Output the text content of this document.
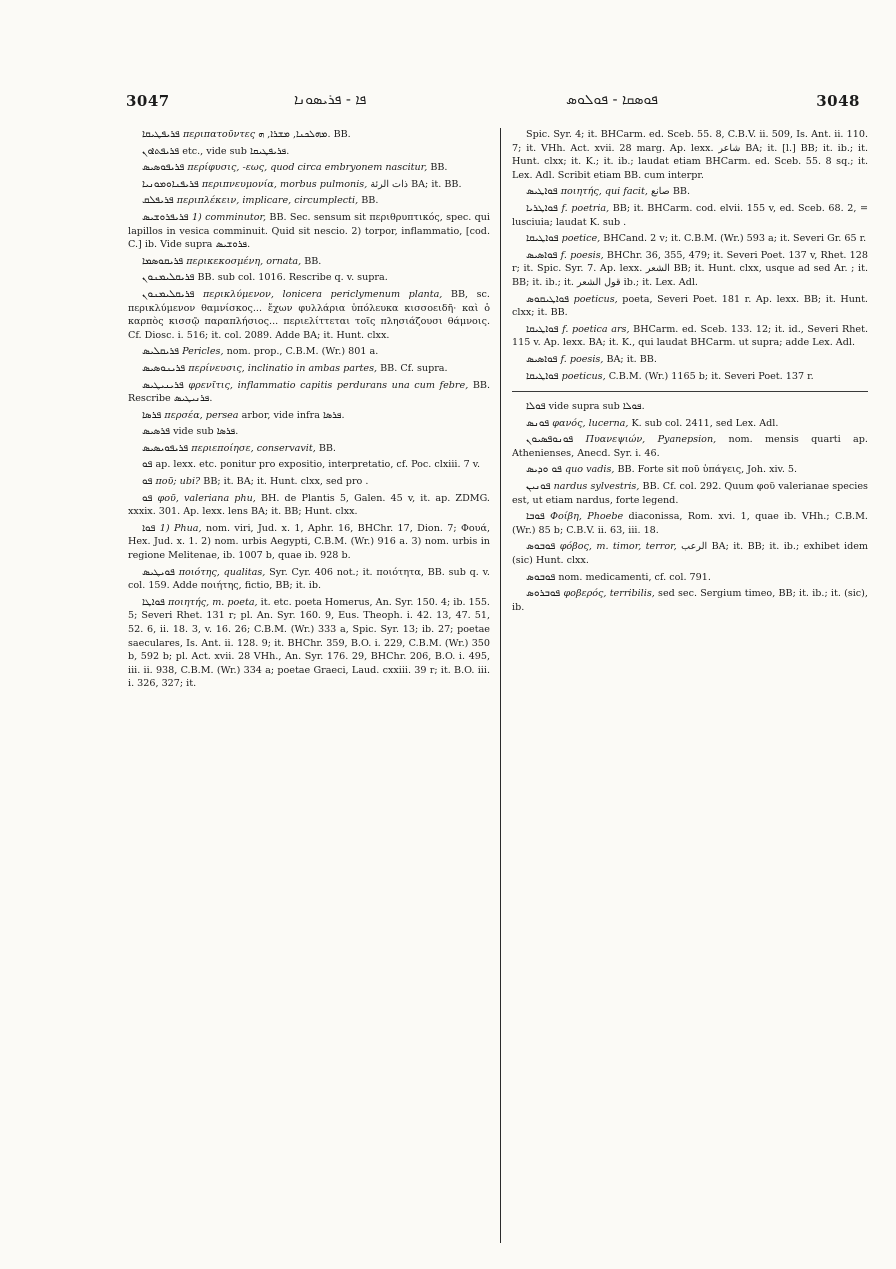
3047	ܦܐ - ܦܪܝܣܘܢܐ	ܦܘܣܩܐ - ܦܘܠܘܣ	3048
ܦܪܝܦܛܝܩܐ περιπατοῦντες ܡܗܠܟܢܐ, ܡܫܪܐ, ܗ. BB.
ܦܪܝܦܬܐܘܢ etc., vide sub ܦܪܝܦܛܝܩܐ.
ܦܪܝܦܘܣܝܣ περίφυσις, -εως, quod circa embryonem nascitur, BB.
ܦܪܝܦܢܐܘܡܘܢܝܐ περιπνευμονία, morbus pulmonis, ذات الرئة BA; it. BB.
ܦܪܝܦܠܩ περιπλέκειν, implicare, circumplecti, BB.
ܦܪܝܦܪܘܫܝܣ 1) comminutor, BB. Sec. sensum sit περιθρυπτικός, spec. qui lapillos in vesica comminuit. Quid sit nescio. 2) torpor, inflammatio, [cod. C.] ib. Vide supra ܦܪܘܫܝܣ.
ܦܪܝܩܘܣܡܐ περικεκοσμένη, ornata, BB.
ܦܪܝܩܠܝܡܢܘܢ BB. sub col. 1016. Rescribe q. v. supra.
ܦܪܝܩܠܝܡܢܘܢ περικλύμενον, lonicera periclymenum planta, BB, sc. περικλύμενον θαμνίσκος... ἔχων φυλλάρια ὑπόλευκα κισσοειδῆ· καὶ ὁ καρπὸς κισσῷ παραπλήσιος... περιελίττεται τοῖς πλησιάζουσι θάμνοις. Cf. Diosc. i. 516; it. col. 2089. Adde BA; it. Hunt. clxx.
ܦܪܝܩܠܝܣ Pericles, nom. prop., C.B.M. (Wr.) 801 a.
ܦܪܝܢܘܣܝܣ περίνευσις, inclinatio in ambas partes, BB. Cf. supra.
ܦܪܝܢܝܛܝܣ φρενῖτις, inflammatio capitis perdurans una cum febre, BB. Rescribe ܦܪܢܝܛܝܣ.
ܦܪܣܐ περσέα, persea arbor, vide infra ܦܪܣܐ.
ܦܪܣܝܣ vide sub ܦܪܣܐ.
ܦܪܝܦܘܝܣܝܣ περιεποίησε, conservavit, BB.
ܦܘ ap. lexx. etc. ponitur pro expositio, interpretatio, cf. Poc. clxiii. 7 v.
ܦܘ ποῦ; ubi? BB; it. BA; it. Hunt. clxx, sed pro .
ܦܘ φοῦ, valeriana phu, BH. de Plantis 5, Galen. 45 v, it. ap. ZDMG. xxxix. 301. Ap. lexx. lens BA; it. BB; Hunt. clxx.
ܦܘܐ 1) Phua, nom. viri, Jud. x. 1, Aphr. 16, BHChr. 17, Dion. 7; Φουά, Hex. Jud. x. 1. 2) nom. urbis Aegypti, C.B.M. (Wr.) 916 a. 3) nom. urbis in regione Melitenae, ib. 1007 b, quae ib. 928 b.
ܦܘܝܛܝܣ ποιότης, qualitas, Syr. Cyr. 406 not.; it. ποιότητα, BB. sub q. v. col. 159. Adde ποιήτης, fictio, BB; it. ib.
ܦܘܐܛܐ ποιητής, m. poeta, it. etc. poeta Homerus, An. Syr. 150. 4; ib. 155. 5; Severi Rhet. 131 r; pl. An. Syr. 160. 9, Eus. Theoph. i. 42. 13, 47. 51, 52. 6, ii. 18. 3, v. 16. 26; C.B.M. (Wr.) 333 a, Spic. Syr. 13; ib. 27; poetae saeculares, Is. Ant. ii. 128. 9; it. BHChr. 359, B.O. i. 229, C.B.M. (Wr.) 350 b, 592 b; pl. Act. xvii. 28 VHh., An. Syr. 176. 29, BHChr. 206, B.O. i. 495, iii. ii. 938, C.B.M. (Wr.) 334 a; poetae Graeci, Laud. cxxiii. 39 r; it. B.O. iii. i. 326, 327; it.
Spic. Syr. 4; it. BHCarm. ed. Sceb. 55. 8, C.B.V. ii. 509, Is. Ant. ii. 110. 7; it. VHh. Act. xvii. 28 marg. Ap. lexx. شاعر BA; it. [l.] BB; it. ib.; it. Hunt. clxx; it. K.; it. ib.; laudat etiam BHCarm. ed. Sceb. 55. 8 sq.; it. Lex. Adl. Scribit etiam BB. cum interpr.
ܦܘܐܛܝܣ ποιητής, qui facit, صانع BB.
ܦܘܐܛܪܝܐ f. poetria, BB; it. BHCarm. cod. elvii. 155 v, ed. Sceb. 68. 2, = lusciuia; laudat K. sub .
ܦܘܐܛܝܩܐ poetice, BHCand. 2 v; it. C.B.M. (Wr.) 593 a; it. Severi Gr. 65 r.
ܦܘܐܣܝܣ f. poesis, BHChr. 36, 355, 479; it. Severi Poet. 137 v, Rhet. 128 r; it. Spic. Syr. 7. Ap. lexx. الشعر BB; it. Hunt. clxx, usque ad sed Ar. ; it. BB; it. ib.; it. قول الشعر ib.; it. Lex. Adl.
ܦܘܐܛܝܩܘܣ poeticus, poeta, Severi Poet. 181 r. Ap. lexx. BB; it. Hunt. clxx; it. BB.
ܦܘܐܛܝܩܐ f. poetica ars, BHCarm. ed. Sceb. 133. 12; it. id., Severi Rhet. 115 v. Ap. lexx. BA; it. K., qui laudat BHCarm. ut supra; adde Lex. Adl.
ܦܘܐܣܝܣ f. poesis, BA; it. BB.
ܦܘܐܛܝܩܐ poeticus, C.B.M. (Wr.) 1165 b; it. Severi Poet. 137 r.
ܦܘܠܐ vide supra sub ܦܘܠܐ.
ܦܘܢܣ φανός, lucerna, K. sub col. 2411, sed Lex. Adl.
ܦܘܢܘܦܣܝܘܢ Πυανεψιών, Pyanepsion, nom. mensis quarti ap. Athenienses, Anecd. Syr. i. 46.
ܦܘ ܘܕܝܣ quo vadis, BB. Forte sit ποῦ ὑπάγεις, Joh. xiv. 5.
ܦܘܢܝܢ nardus sylvestris, BB. Cf. col. 292. Quum φοῦ valerianae species est, ut etiam nardus, forte legend.
ܦܘܒܐ Φοίβη, Phoebe diaconissa, Rom. xvi. 1, quae ib. VHh.; C.B.M. (Wr.) 85 b; C.B.V. ii. 63, iii. 18.
ܦܘܒܘܣ φόβος, m. timor, terror, الرعب BA; it. BB; it. ib.; exhibet idem (sic) Hunt. clxx.
ܦܘܒܘܣ nom. medicamenti, cf. col. 791.
ܦܘܒܪܘܣ φοβερός, terribilis, sed sec. Sergium timeo, BB; it. ib.; it. (sic), ib.
